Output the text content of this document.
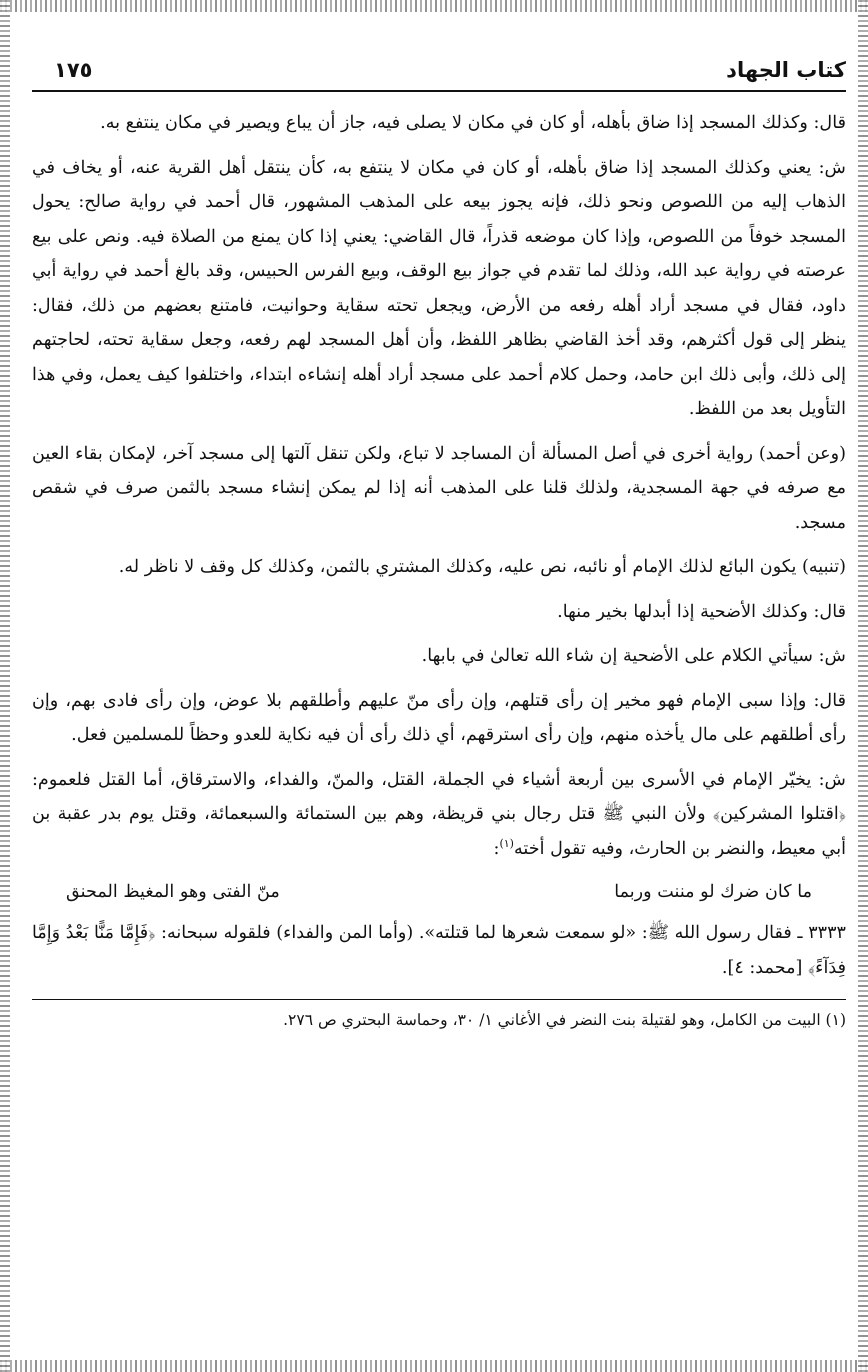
كتاب الجهاد
١٧٥

قال: وكذلك المسجد إذا ضاق بأهله، أو كان في مكان لا يصلى فيه، جاز أن يباع ويصير في مكان ينتفع به.

ش: يعني وكذلك المسجد إذا ضاق بأهله، أو كان في مكان لا ينتفع به، كأن ينتقل أهل القرية عنه، أو يخاف في الذهاب إليه من اللصوص ونحو ذلك، فإنه يجوز بيعه على المذهب المشهور، قال أحمد في رواية صالح: يحول المسجد خوفاً من اللصوص، وإذا كان موضعه قذراً، قال القاضي: يعني إذا كان يمنع من الصلاة فيه. ونص على بيع عرصته في رواية عبد الله، وذلك لما تقدم في جواز بيع الوقف، وبيع الفرس الحبيس، وقد بالغ أحمد في رواية أبي داود، فقال في مسجد أراد أهله رفعه من الأرض، ويجعل تحته سقاية وحوانيت، فامتنع بعضهم من ذلك، فقال: ينظر إلى قول أكثرهم، وقد أخذ القاضي بظاهر اللفظ، وأن أهل المسجد لهم رفعه، وجعل سقاية تحته، لحاجتهم إلى ذلك، وأبى ذلك ابن حامد، وحمل كلام أحمد على مسجد أراد أهله إنشاءه ابتداء، واختلفوا كيف يعمل، وفي هذا التأويل بعد من اللفظ.

(وعن أحمد) رواية أخرى في أصل المسألة أن المساجد لا تباع، ولكن تنقل آلتها إلى مسجد آخر، لإمكان بقاء العين مع صرفه في جهة المسجدية، ولذلك قلنا على المذهب أنه إذا لم يمكن إنشاء مسجد بالثمن صرف في شقص مسجد.

(تنبيه) يكون البائع لذلك الإمام أو نائبه، نص عليه، وكذلك المشتري بالثمن، وكذلك كل وقف لا ناظر له.

قال: وكذلك الأضحية إذا أبدلها بخير منها.

ش: سيأتي الكلام على الأضحية إن شاء الله تعالىٰ في بابها.

قال: وإذا سبى الإمام فهو مخير إن رأى قتلهم، وإن رأى منّ عليهم وأطلقهم بلا عوض، وإن رأى فادى بهم، وإن رأى أطلقهم على مال يأخذه منهم، وإن رأى استرقهم، أي ذلك رأى أن فيه نكاية للعدو وحظاً للمسلمين فعل.

ش: يخيّر الإمام في الأسرى بين أربعة أشياء في الجملة، القتل، والمنّ، والفداء، والاسترقاق، أما القتل فلعموم: ﴿اقتلوا المشركين﴾ ولأن النبي ﷺ قتل رجال بني قريظة، وهم بين الستمائة والسبعمائة، وقتل يوم بدر عقبة بن أبي معيط، والنضر بن الحارث، وفيه تقول أخته$^{(١)}$:

ما كان ضرك لو مننت وربما
منّ الفتى وهو المغيظ المحنق

٣٣٣٣ ـ فقال رسول الله ﷺ: «لو سمعت شعرها لما قتلته». (وأما المن والفداء) فلقوله سبحانه: ﴿فَإِمَّا مَنًّا بَعْدُ وَإِمَّا فِدَآءً﴾ [محمد: ٤].

(١) البيت من الكامل، وهو لقتيلة بنت النضر في الأغاني ١/ ٣٠، وحماسة البحتري ص ٢٧٦.
